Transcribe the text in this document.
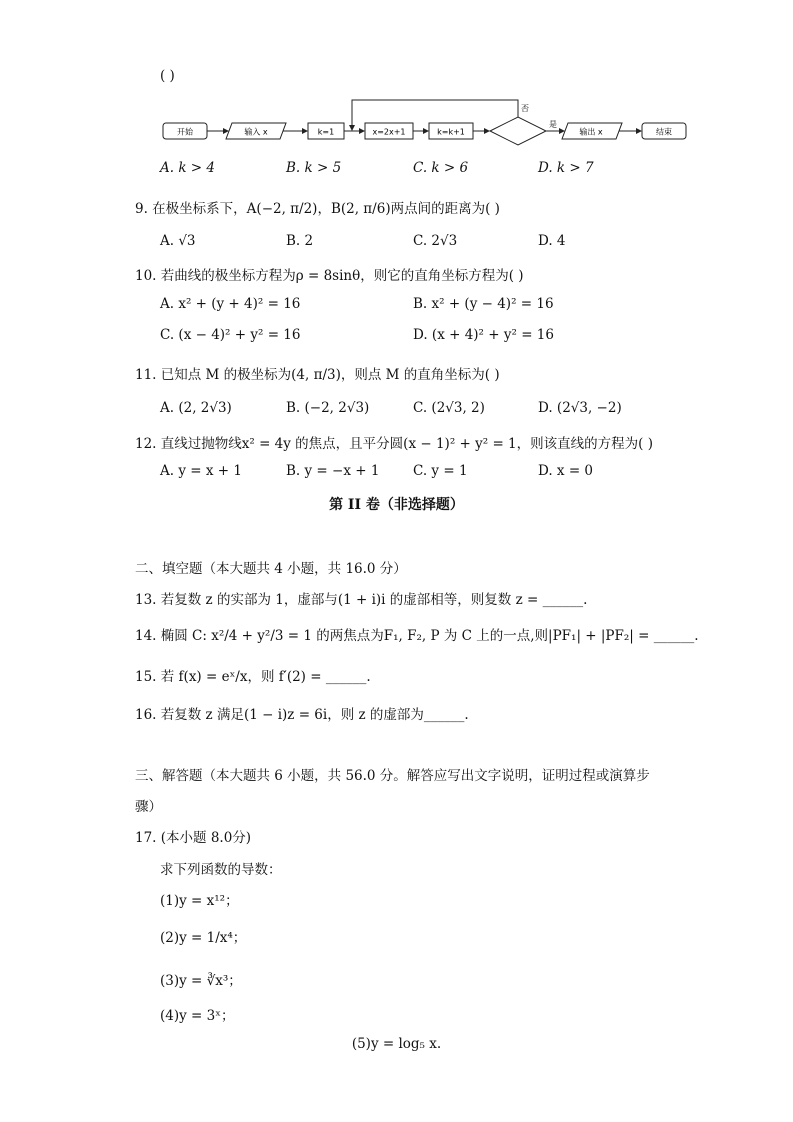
( )
开始	输入 x	k=1	x=2x+1	k=k+1
否
是
输出 x	结束
A. k > 4	B. k > 5	C. k > 6	D. k > 7
9. 在极坐标系下，A(−2, π/2)，B(2, π/6)两点间的距离为( )
A. √3	B. 2	C. 2√3	D. 4
10. 若曲线的极坐标方程为ρ = 8sinθ，则它的直角坐标方程为( )
A. x² + (y + 4)² = 16	B. x² + (y − 4)² = 16
C. (x − 4)² + y² = 16	D. (x + 4)² + y² = 16
11. 已知点 M 的极坐标为(4, π/3)，则点 M 的直角坐标为( )
A. (2, 2√3)	B. (−2, 2√3)	C. (2√3, 2)	D. (2√3, −2)
12. 直线过抛物线x² = 4y 的焦点，且平分圆(x − 1)² + y² = 1，则该直线的方程为( )
A. y = x + 1	B. y = −x + 1 C. y = 1	D. x = 0
第 II 卷（非选择题）
二、填空题（本大题共 4 小题，共 16.0 分）
13. 若复数 z 的实部为 1，虚部与(1 + i)i 的虚部相等，则复数 z = ______.
14. 椭圆 C: x²/4 + y²/3 = 1 的两焦点为F₁, F₂, P 为 C 上的一点,则|PF₁| + |PF₂| = ______.
15. 若 f(x) = eˣ/x，则 f′(2) = ______.
16. 若复数 z 满足(1 − i)z = 6i，则 z 的虚部为______.
三、解答题（本大题共 6 小题，共 56.0 分。解答应写出文字说明，证明过程或演算步
骤）
17. (本小题 8.0分)
求下列函数的导数：
(1)y = x¹²；
(2)y = 1/x⁴；
(3)y = ∛x³；
(4)y = 3ˣ；
(5)y = log₅ x.
